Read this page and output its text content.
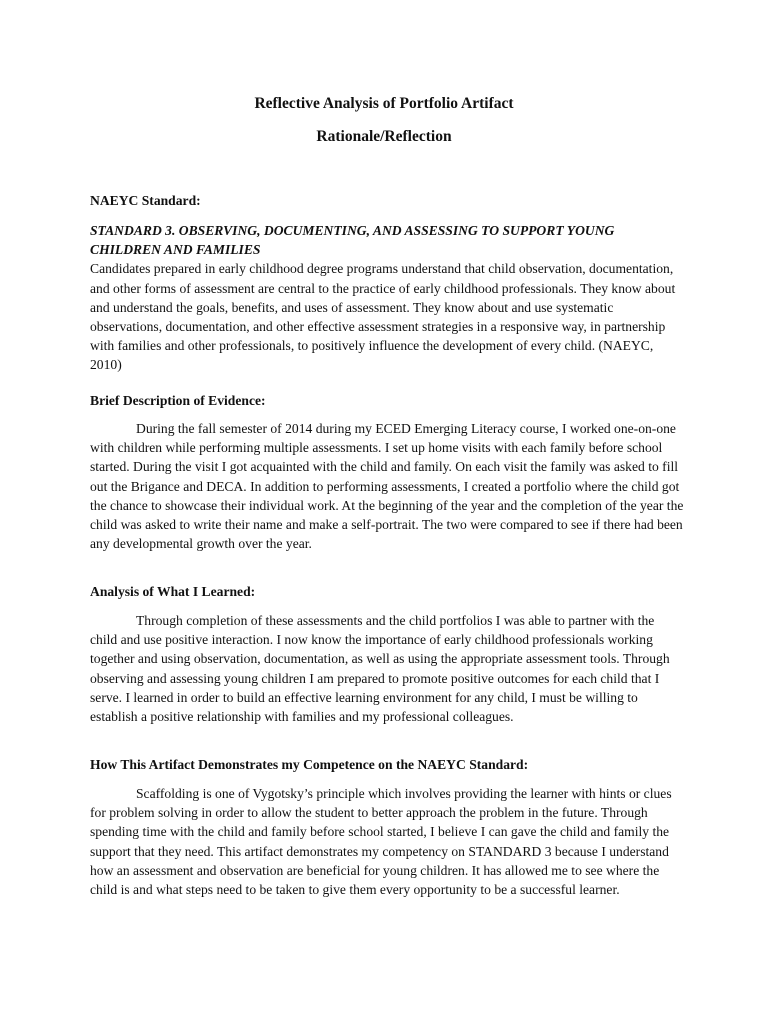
Reflective Analysis of Portfolio Artifact
Rationale/Reflection

NAEYC Standard:

STANDARD 3. OBSERVING, DOCUMENTING, AND ASSESSING TO SUPPORT YOUNG CHILDREN AND FAMILIES

Candidates prepared in early childhood degree programs understand that child observation, documentation, and other forms of assessment are central to the practice of early childhood professionals. They know about and understand the goals, benefits, and uses of assessment. They know about and use systematic observations, documentation, and other effective assessment strategies in a responsive way, in partnership with families and other professionals, to positively influence the development of every child. (NAEYC, 2010)

Brief Description of Evidence:

During the fall semester of 2014 during my ECED Emerging Literacy course, I worked one-on-one with children while performing multiple assessments. I set up home visits with each family before school started. During the visit I got acquainted with the child and family. On each visit the family was asked to fill out the Brigance and DECA. In addition to performing assessments, I created a portfolio where the child got the chance to showcase their individual work. At the beginning of the year and the completion of the year the child was asked to write their name and make a self-portrait. The two were compared to see if there had been any developmental growth over the year.

Analysis of What I Learned:

Through completion of these assessments and the child portfolios I was able to partner with the child and use positive interaction. I now know the importance of early childhood professionals working together and using observation, documentation, as well as using the appropriate assessment tools. Through observing and assessing young children I am prepared to promote positive outcomes for each child that I serve. I learned in order to build an effective learning environment for any child, I must be willing to establish a positive relationship with families and my professional colleagues.

How This Artifact Demonstrates my Competence on the NAEYC Standard:

Scaffolding is one of Vygotsky’s principle which involves providing the learner with hints or clues for problem solving in order to allow the student to better approach the problem in the future. Through spending time with the child and family before school started, I believe I can gave the child and family the support that they need. This artifact demonstrates my competency on STANDARD 3 because I understand how an assessment and observation are beneficial for young children. It has allowed me to see where the child is and what steps need to be taken to give them every opportunity to be a successful learner.
